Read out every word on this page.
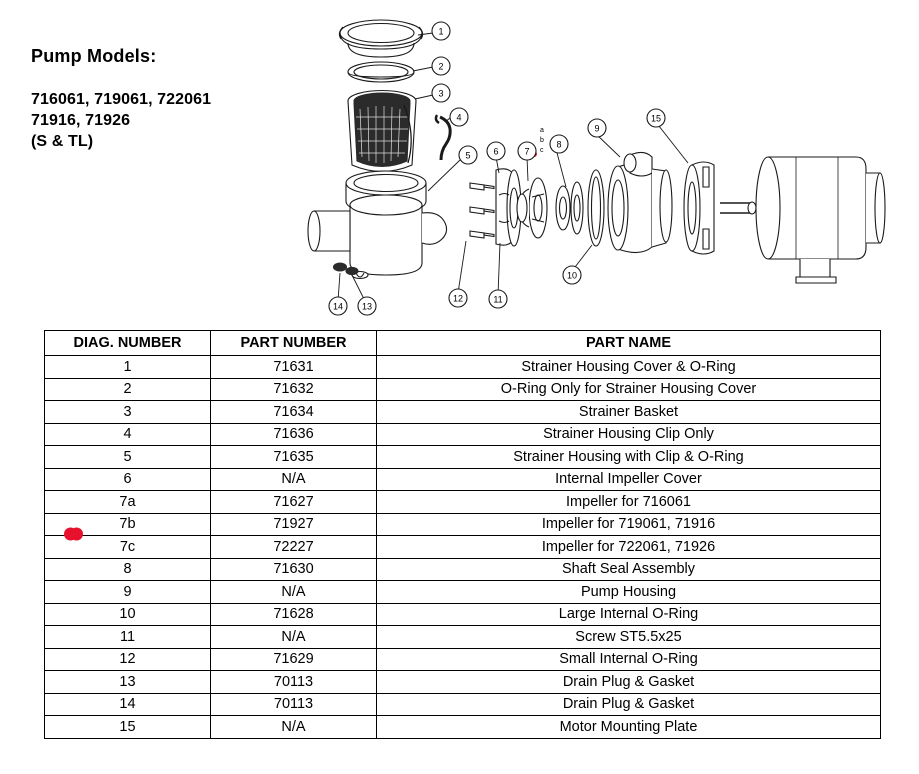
Pump Models:
716061, 719061, 722061
71916, 71926
(S & TL)
1
2
3
4
5	6	7
8
9
15
10
11
12
13
14
a
b
c
DIAG. NUMBER	PART NUMBER	PART NAME

1	71631	Strainer Housing Cover & O-Ring

2	71632	O-Ring Only for Strainer Housing Cover

3	71634	Strainer Basket

4	71636	Strainer Housing Clip Only

5	71635	Strainer Housing with Clip & O-Ring

6	N/A	Internal Impeller Cover

7a	71627	Impeller for 716061

7b	71927	Impeller for 719061, 71916

7c	72227	Impeller for 722061, 71926

8	71630	Shaft Seal Assembly

9	N/A	Pump Housing

10	71628	Large Internal O-Ring

11	N/A	Screw ST5.5x25

12	71629	Small Internal O-Ring

13	70113	Drain Plug & Gasket

14	70113	Drain Plug & Gasket

15	N/A	Motor Mounting Plate
